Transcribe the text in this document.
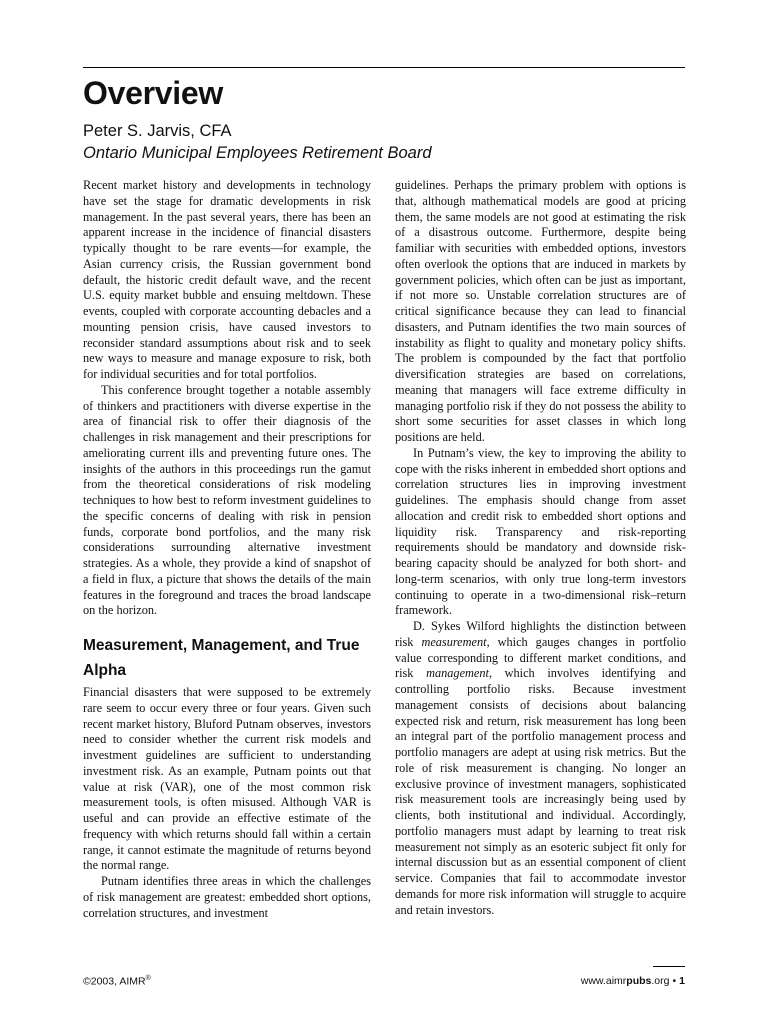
Overview
Peter S. Jarvis, CFA
Ontario Municipal Employees Retirement Board

Recent market history and developments in technology have set the stage for dramatic developments in risk management. In the past several years, there has been an apparent increase in the incidence of financial disasters typically thought to be rare events—for example, the Asian currency crisis, the Russian government bond default, the historic credit default wave, and the recent U.S. equity market bubble and ensuing meltdown. These events, coupled with corporate accounting debacles and a mounting pension crisis, have caused investors to reconsider standard assumptions about risk and to seek new ways to measure and manage exposure to risk, both for individual securities and for total portfolios.

This conference brought together a notable assembly of thinkers and practitioners with diverse expertise in the area of financial risk to offer their diagnosis of the challenges in risk management and their prescriptions for ameliorating current ills and preventing future ones. The insights of the authors in this proceedings run the gamut from the theoretical considerations of risk modeling techniques to how best to reform investment guidelines to the specific concerns of dealing with risk in pension funds, corporate bond portfolios, and the many risk considerations surrounding alternative investment strategies. As a whole, they provide a kind of snapshot of a field in flux, a picture that shows the details of the main features in the foreground and traces the broad landscape on the horizon.

Measurement, Management, and True Alpha

Financial disasters that were supposed to be extremely rare seem to occur every three or four years. Given such recent market history, Bluford Putnam observes, investors need to consider whether the current risk models and investment guidelines are sufficient to understanding investment risk. As an example, Putnam points out that value at risk (VAR), one of the most common risk measurement tools, is often misused. Although VAR is useful and can provide an effective estimate of the frequency with which returns should fall within a certain range, it cannot estimate the magnitude of returns beyond the normal range.

Putnam identifies three areas in which the challenges of risk management are greatest: embedded short options, correlation structures, and investment

guidelines. Perhaps the primary problem with options is that, although mathematical models are good at pricing them, the same models are not good at estimating the risk of a disastrous outcome. Furthermore, despite being familiar with securities with embedded options, investors often overlook the options that are induced in markets by government policies, which often can be just as important, if not more so. Unstable correlation structures are of critical significance because they can lead to financial disasters, and Putnam identifies the two main sources of instability as flight to quality and monetary policy shifts. The problem is compounded by the fact that portfolio diversification strategies are based on correlations, meaning that managers will face extreme difficulty in managing portfolio risk if they do not possess the ability to short some securities for asset classes in which long positions are held.

In Putnam’s view, the key to improving the ability to cope with the risks inherent in embedded short options and correlation structures lies in improving investment guidelines. The emphasis should change from asset allocation and credit risk to embedded short options and liquidity risk. Transparency and risk-reporting requirements should be mandatory and downside risk-bearing capacity should be analyzed for both short- and long-term scenarios, with only true long-term investors continuing to operate in a two-dimensional risk–return framework.

D. Sykes Wilford highlights the distinction between risk measurement, which gauges changes in portfolio value corresponding to different market conditions, and risk management, which involves identifying and controlling portfolio risks. Because investment management consists of decisions about balancing expected risk and return, risk measurement has long been an integral part of the portfolio management process and portfolio managers are adept at using risk metrics. But the role of risk measurement is changing. No longer an exclusive province of investment managers, sophisticated risk measurement tools are increasingly being used by clients, both institutional and individual. Accordingly, portfolio managers must adapt by learning to treat risk measurement not simply as an esoteric subject fit only for internal discussion but as an essential component of client service. Companies that fail to accommodate investor demands for more risk information will struggle to acquire and retain investors.

©2003, AIMR®	www.aimrpubs.org • 1
